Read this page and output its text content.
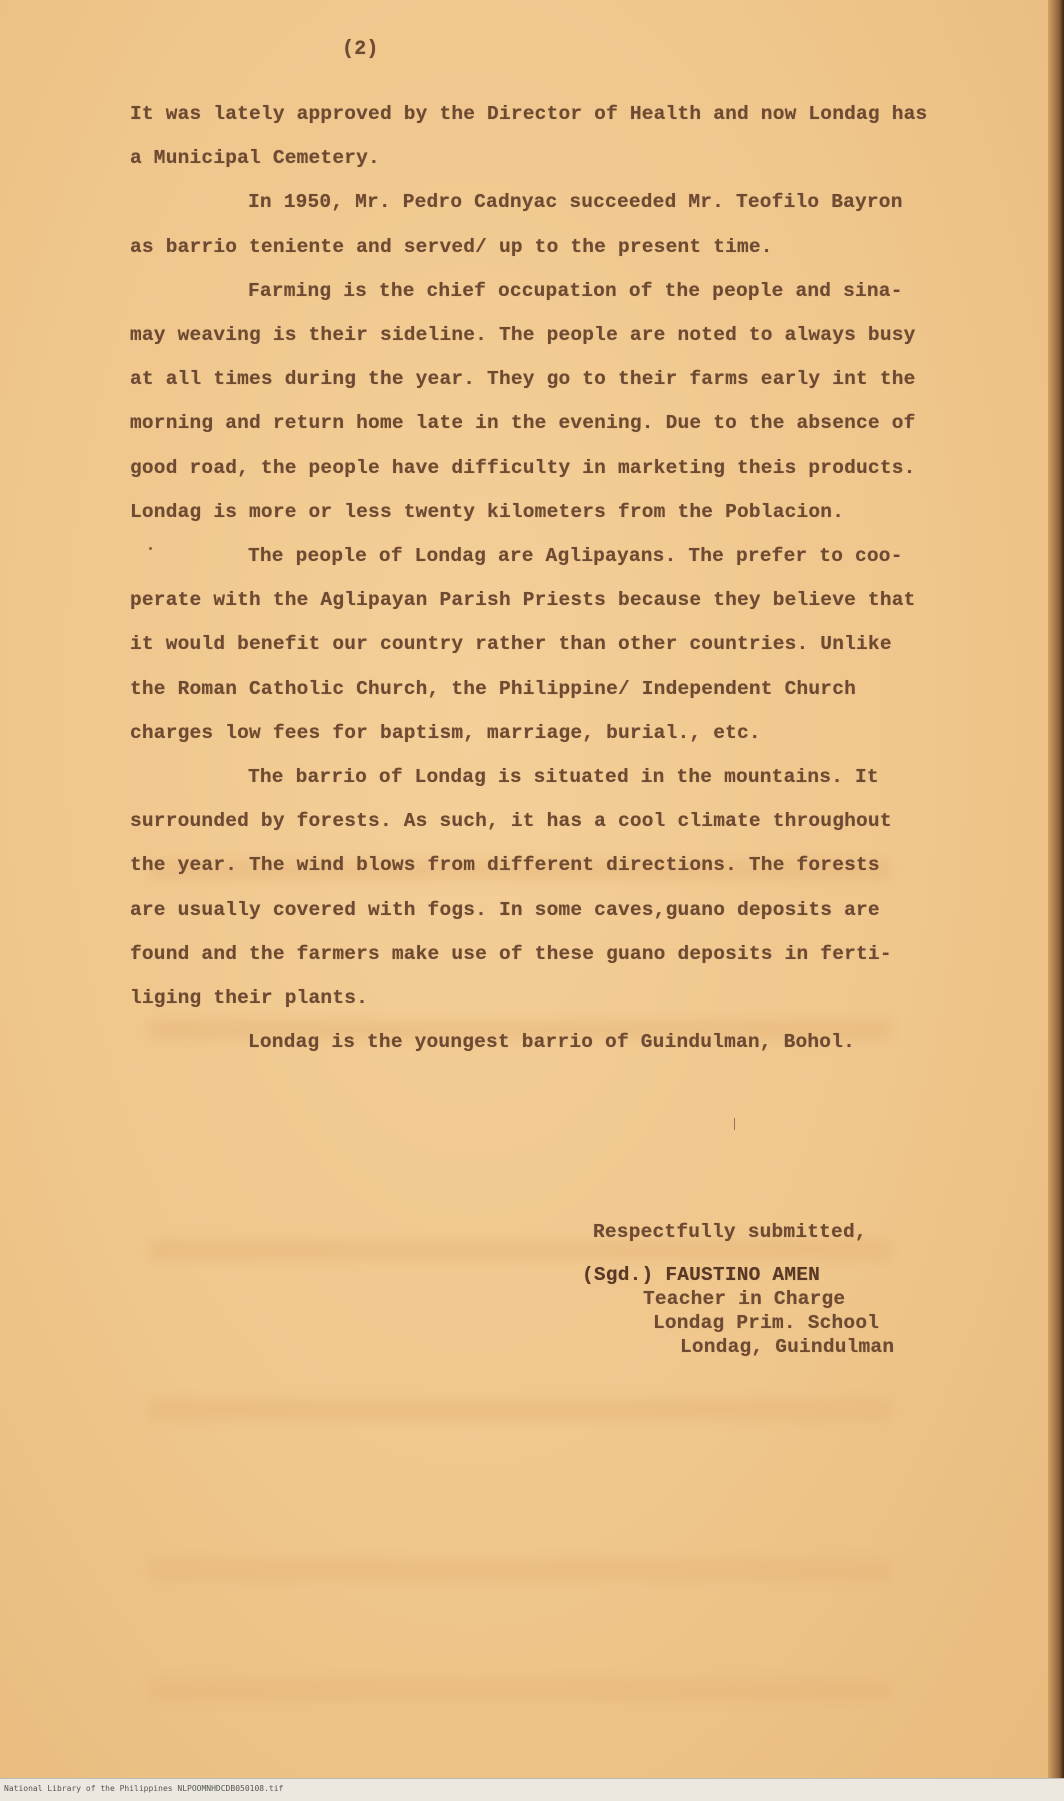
(2)
It was lately approved by the Director of Health and now Londag has
a Municipal Cemetery.
In 1950, Mr. Pedro Cadnyac succeeded Mr. Teofilo Bayron
as barrio teniente and served/ up to the present time.
Farming is the chief occupation of the people and sina-
may weaving is their sideline. The people are noted to always busy
at all times during the year. They go to their farms early int the
morning and return home late in the evening. Due to the absence of
good road, the people have difficulty in marketing theis products.
Londag is more or less twenty kilometers from the Poblacion.
The people of Londag are Aglipayans. The prefer to coo-
perate with the Aglipayan Parish Priests because they believe that
it would benefit our country rather than other countries. Unlike
the Roman Catholic Church, the Philippine/ Independent Church
charges low fees for baptism, marriage, burial., etc.
The barrio of Londag is situated in the mountains. It
surrounded by forests. As such, it has a cool climate throughout
the year. The wind blows from different directions. The forests
are usually covered with fogs. In some caves,guano deposits are
found and the farmers make use of these guano deposits in ferti-
liging their plants.
Londag is the youngest barrio of Guindulman, Bohol.
Respectfully submitted,
(Sgd.) FAUSTINO AMEN
Teacher in Charge
Londag Prim. School
Londag, Guindulman
National Library of the Philippines NLPOOMNHDCDB050108.tif
